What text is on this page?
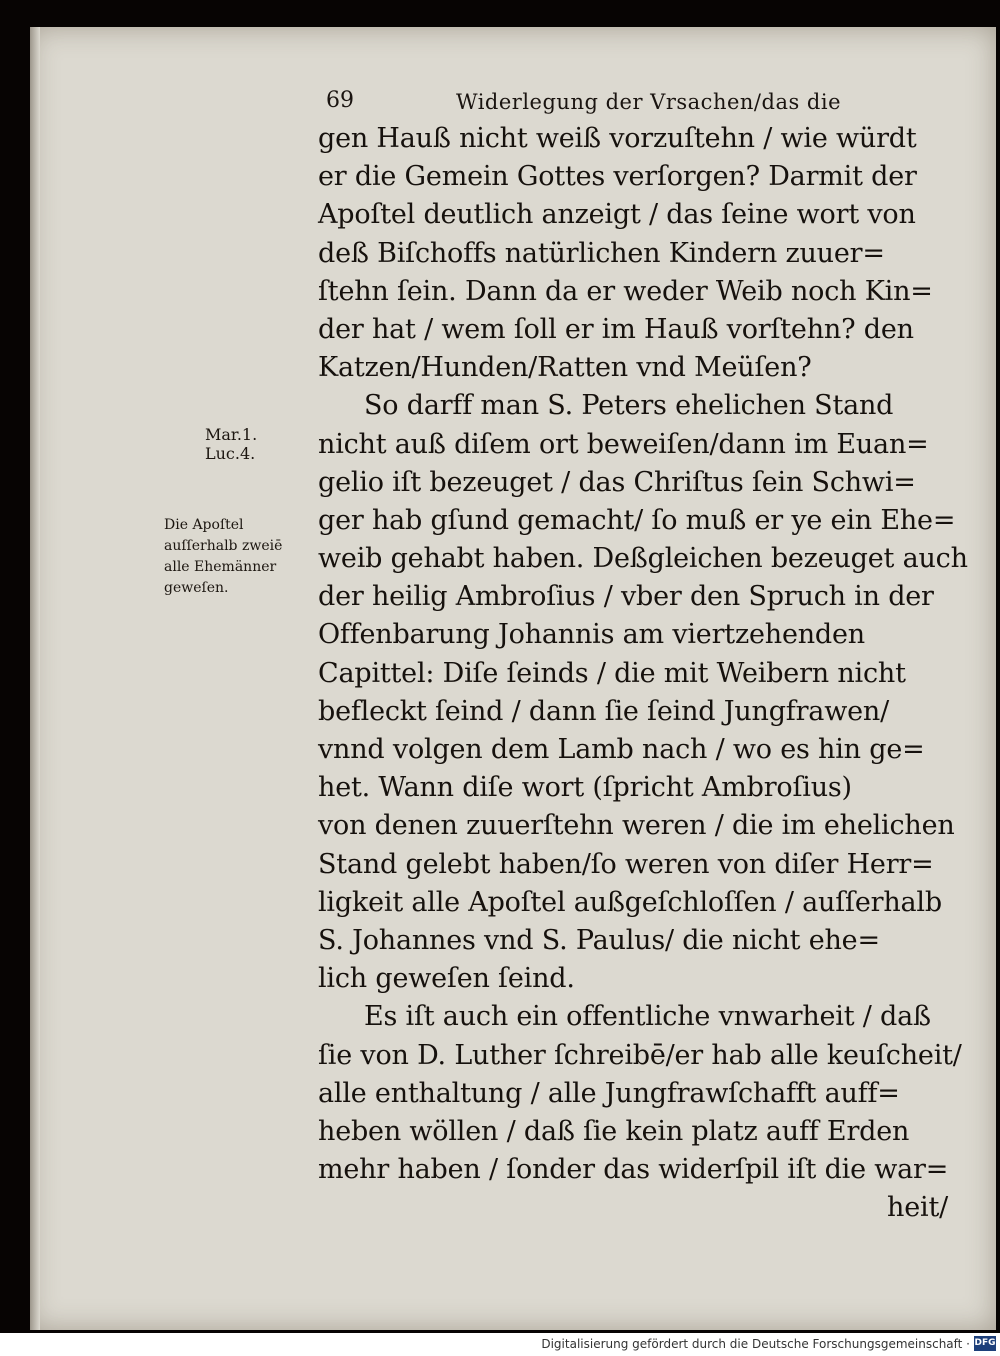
69	Widerlegung der Vrsachen/das die
gen Hauß nicht weiß vorzuſtehn / wie würdt
er die Gemein Gottes verſorgen? Darmit der
Apoſtel deutlich anzeigt / das ſeine wort von
deß Biſchoffs natürlichen Kindern zuuer=
ſtehn ſein. Dann da er weder Weib noch Kin=
der hat / wem ſoll er im Hauß vorſtehn? den
Katzen/Hunden/Ratten vnd Meüſen?
So darff man S. Peters ehelichen Stand
nicht auß diſem ort beweiſen/dann im Euan=
gelio iſt bezeuget / das Chriſtus ſein Schwi=
ger hab gſund gemacht/ ſo muß er ye ein Ehe=
weib gehabt haben. Deßgleichen bezeuget auch
der heilig Ambroſius / vber den Spruch in der
Offenbarung Johannis am viertzehenden
Capittel: Diſe ſeinds / die mit Weibern nicht
befleckt ſeind / dann ſie ſeind Jungfrawen/
vnnd volgen dem Lamb nach / wo es hin ge=
het. Wann diſe wort (ſpricht Ambroſius)
von denen zuuerſtehn weren / die im ehelichen
Stand gelebt haben/ſo weren von diſer Herr=
ligkeit alle Apoſtel außgeſchloſſen / auſſerhalb
S. Johannes vnd S. Paulus/ die nicht ehe=
lich geweſen ſeind.
Es iſt auch ein offentliche vnwarheit / daß
ſie von D. Luther ſchreibē/er hab alle keuſcheit/
alle enthaltung / alle Jungfrawſchafft auff=
heben wöllen / daß ſie kein platz auff Erden
mehr haben / ſonder das widerſpil iſt die war=
heit/
Mar.1.
Luc.4.
Die Apoſtel
auſſerhalb zweiē
alle Ehemänner
geweſen.
Digitalisierung gefördert durch die Deutsche Forschungsgemeinschaft · DFG
